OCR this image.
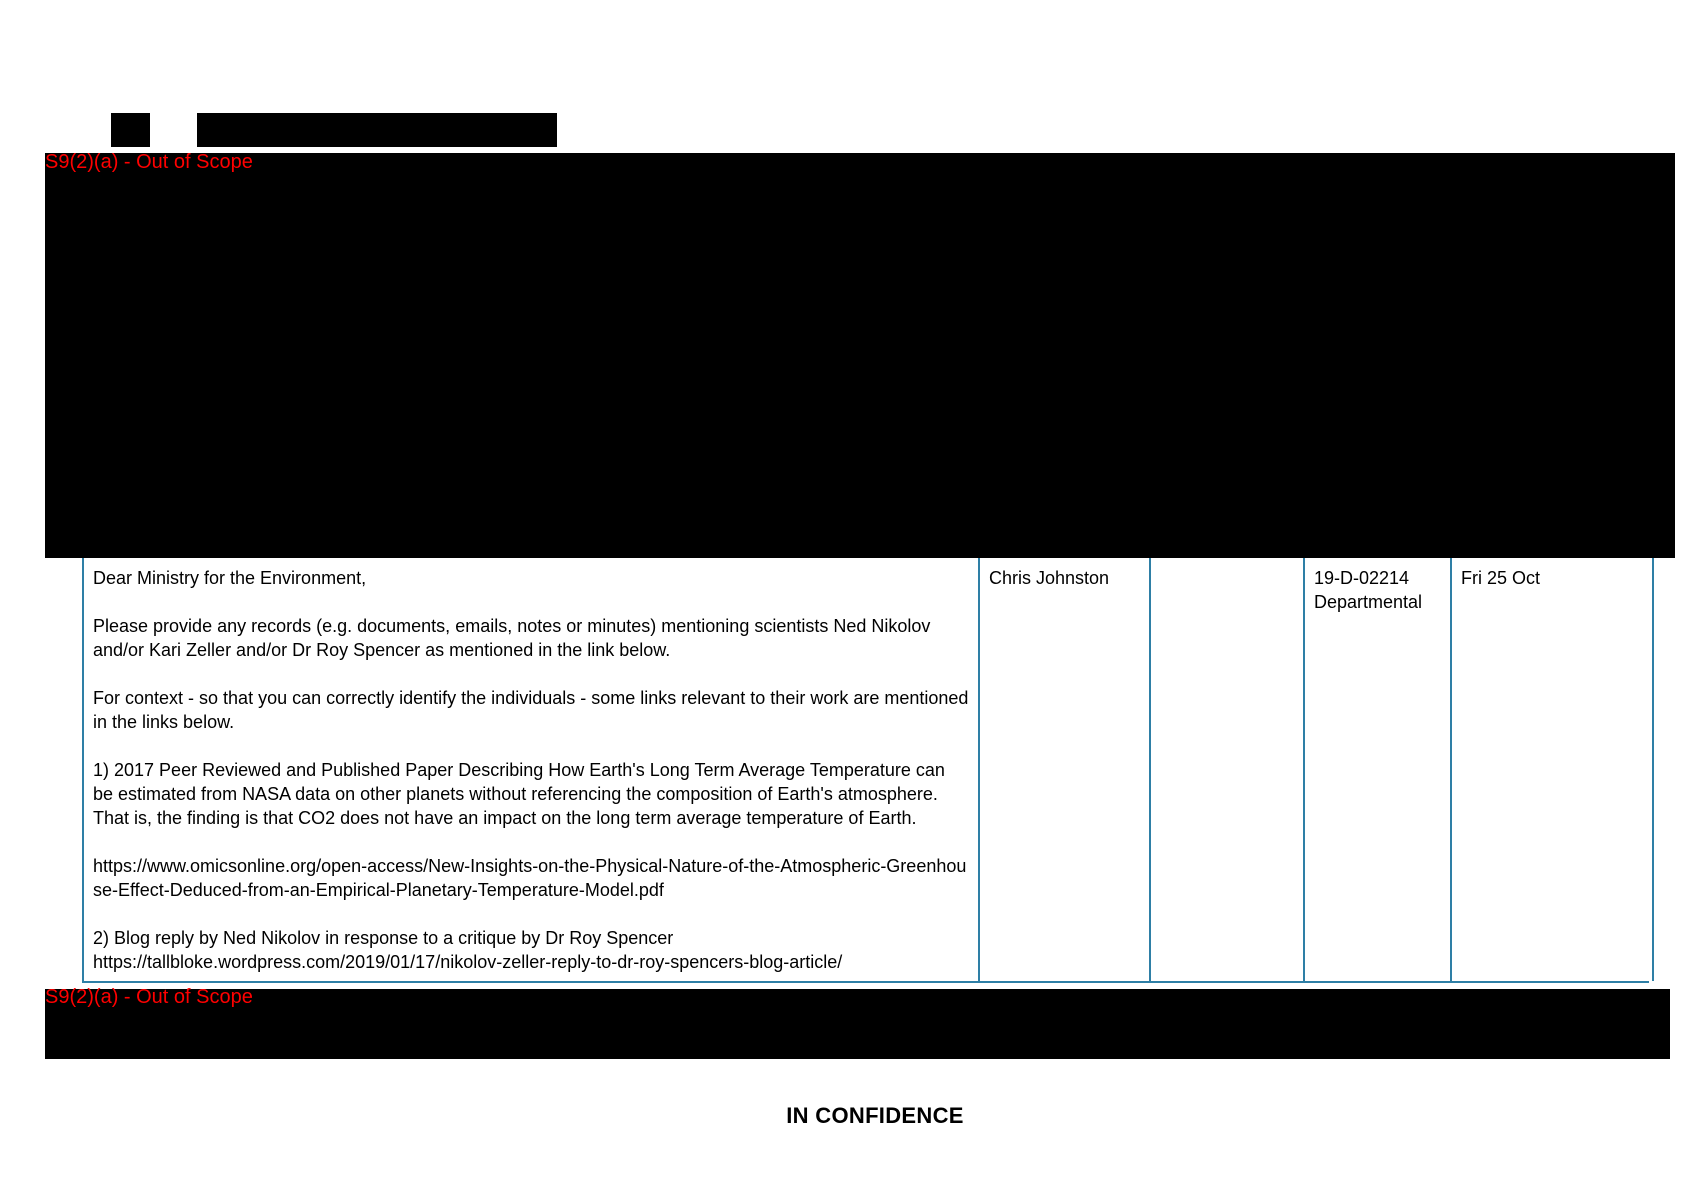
S9(2)(a) - Out of Scope

Dear Ministry for the Environment,

Please provide any records (e.g. documents, emails, notes or minutes) mentioning scientists Ned Nikolov and/or Kari Zeller and/or Dr Roy Spencer as mentioned in the link below.

For context - so that you can correctly identify the individuals - some links relevant to their work are mentioned in the links below.

1) 2017 Peer Reviewed and Published Paper Describing How Earth's Long Term Average Temperature can be estimated from NASA data on other planets without referencing the composition of Earth's atmosphere. That is, the finding is that CO2 does not have an impact on the long term average temperature of Earth.

https://www.omicsonline.org/open-access/New-Insights-on-the-Physical-Nature-of-the-Atmospheric-Greenhouse-Effect-Deduced-from-an-Empirical-Planetary-Temperature-Model.pdf

2) Blog reply by Ned Nikolov in response to a critique by Dr Roy Spencer
https://tallbloke.wordpress.com/2019/01/17/nikolov-zeller-reply-to-dr-roy-spencers-blog-article/

Chris Johnston	19-D-02214
Departmental
Fri 25 Oct
S9(2)(a) - Out of Scope
IN CONFIDENCE
